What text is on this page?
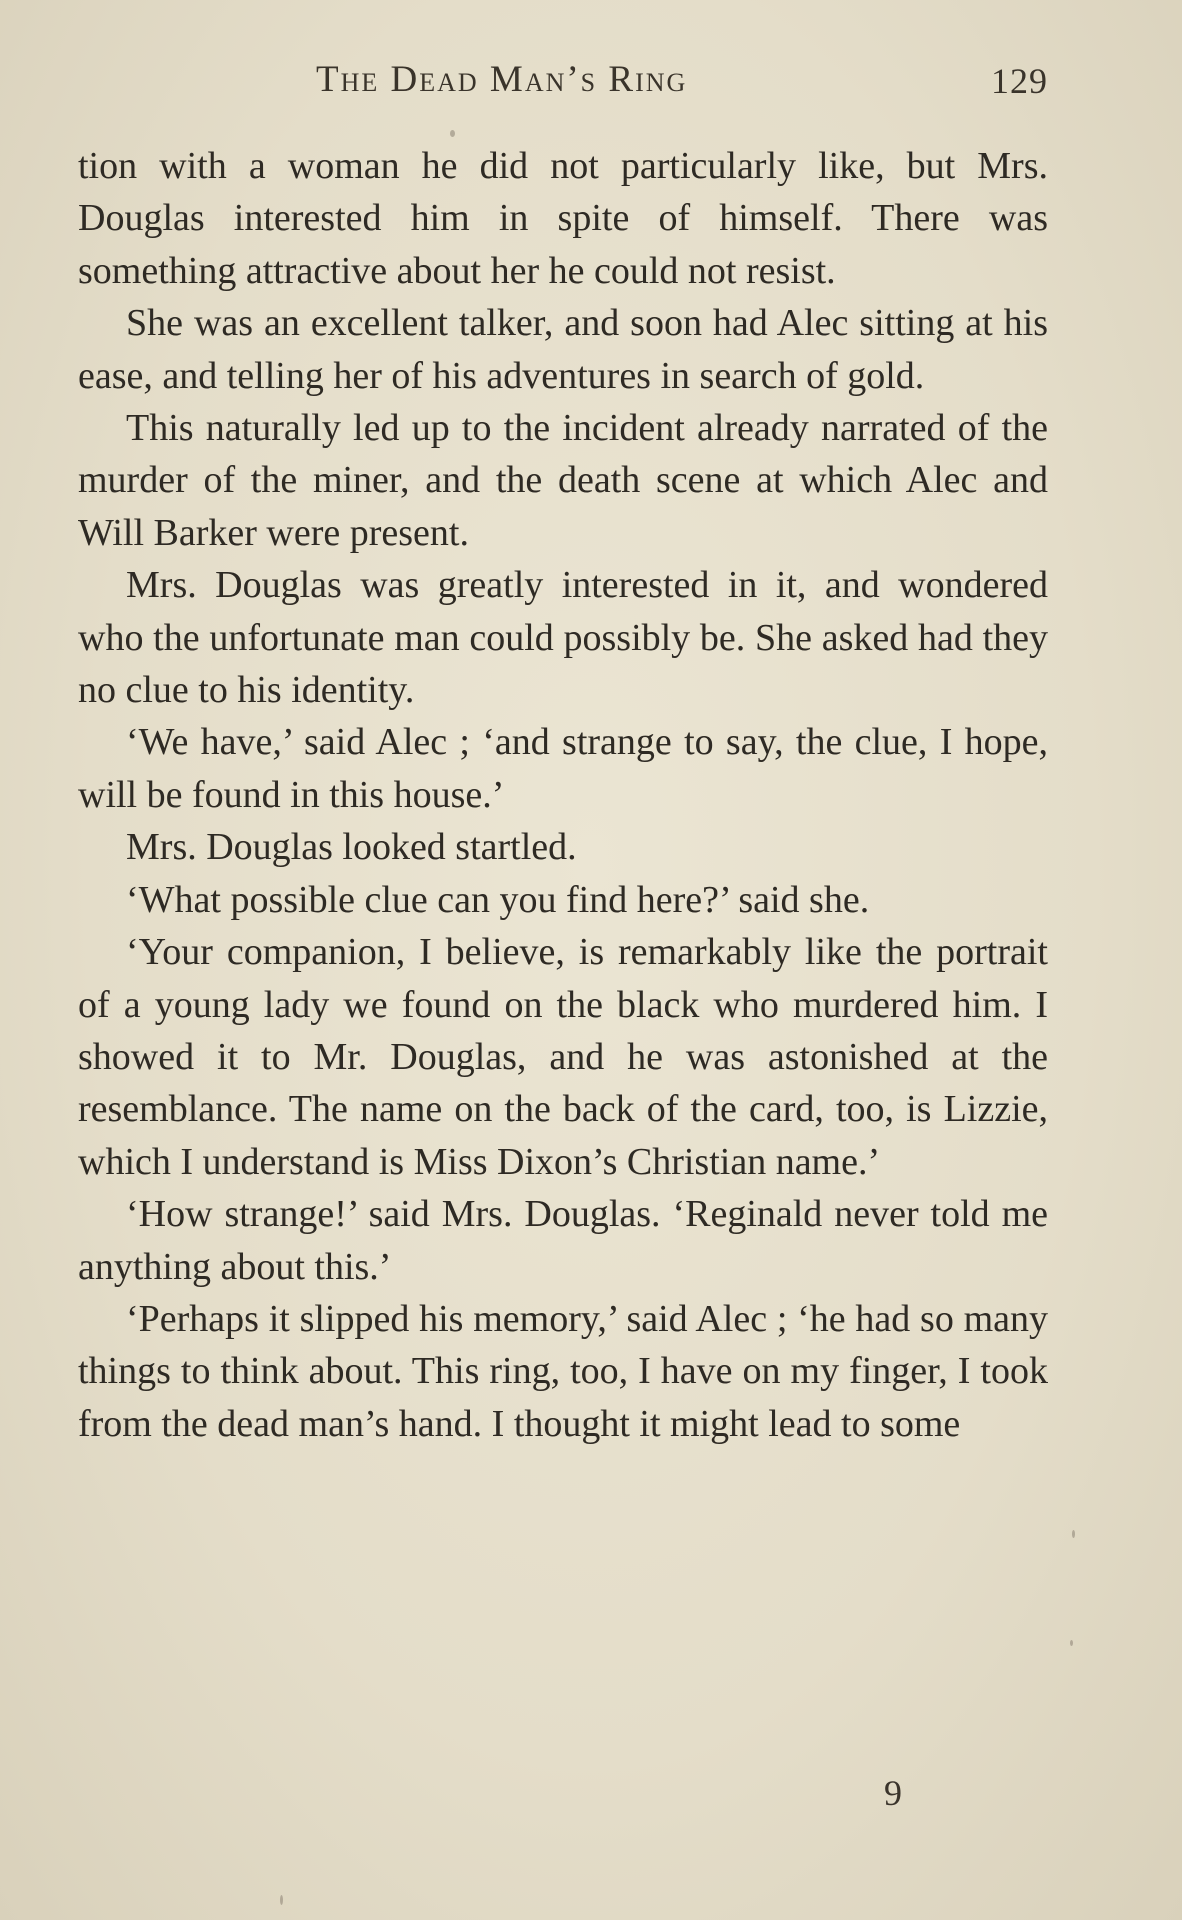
The Dead Man’s Ring	129

tion with a woman he did not particularly like, but Mrs. Douglas interested him in spite of himself. There was something attractive about her he could not resist.

She was an excellent talker, and soon had Alec sitting at his ease, and telling her of his adventures in search of gold.

This naturally led up to the incident already narrated of the murder of the miner, and the death scene at which Alec and Will Barker were present.

Mrs. Douglas was greatly interested in it, and wondered who the unfortunate man could possibly be. She asked had they no clue to his identity.

‘We have,’ said Alec ; ‘and strange to say, the clue, I hope, will be found in this house.’

Mrs. Douglas looked startled.

‘What possible clue can you find here?’ said she.

‘Your companion, I believe, is remarkably like the portrait of a young lady we found on the black who murdered him. I showed it to Mr. Douglas, and he was astonished at the resemblance. The name on the back of the card, too, is Lizzie, which I understand is Miss Dixon’s Christian name.’

‘How strange!’ said Mrs. Douglas. ‘Reginald never told me anything about this.’

‘Perhaps it slipped his memory,’ said Alec ; ‘he had so many things to think about. This ring, too, I have on my finger, I took from the dead man’s hand. I thought it might lead to some

9
